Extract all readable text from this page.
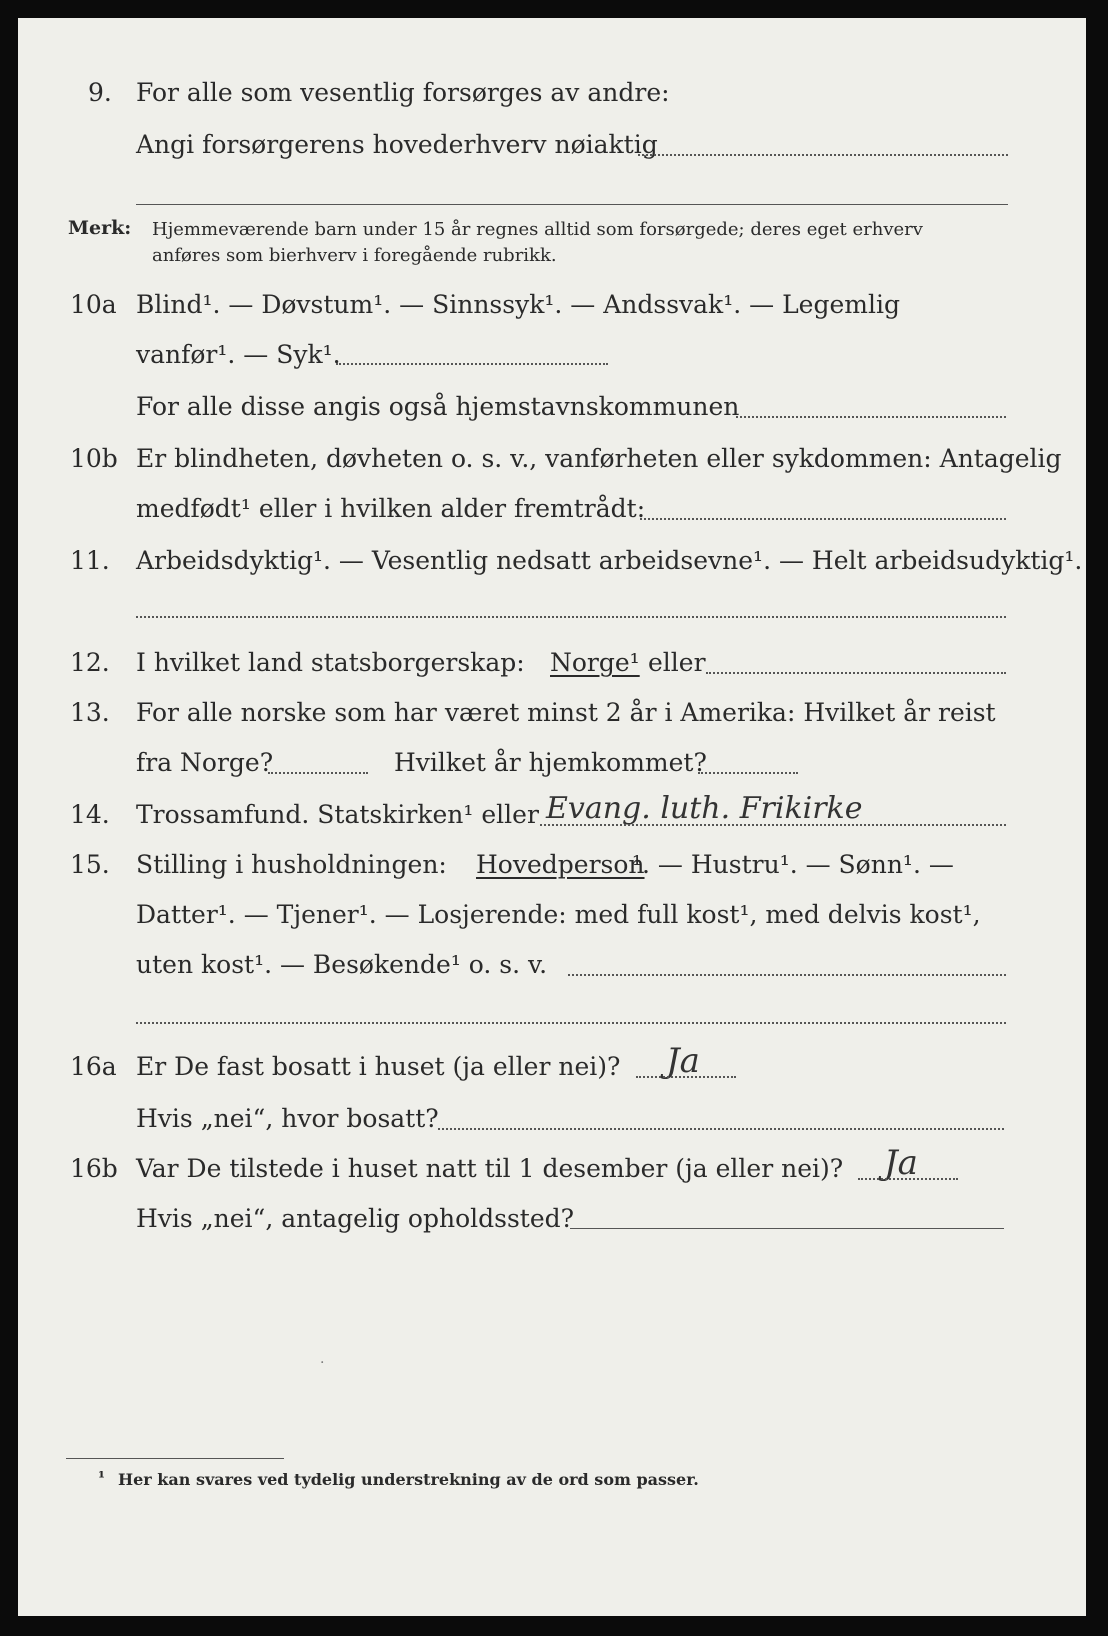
9. For alle som vesentlig forsørges av andre:
Angi forsørgerens hovederhverv nøiaktig
Merk: Hjemmeværende barn under 15 år regnes alltid som forsørgede; deres eget erhverv
anføres som bierhverv i foregående rubrikk.
10a Blind¹. — Døvstum¹. — Sinnssyk¹. — Andssvak¹. — Legemlig
vanfør¹. — Syk¹.
For alle disse angis også hjemstavnskommunen
10b Er blindheten, døvheten o. s. v., vanførheten eller sykdommen: Antagelig
medfødt¹ eller i hvilken alder fremtrådt:
11. Arbeidsdyktig¹. — Vesentlig nedsatt arbeidsevne¹. — Helt arbeidsudyktig¹.
12. I hvilket land statsborgerskap: Norge¹ eller
13. For alle norske som har været minst 2 år i Amerika: Hvilket år reist
fra Norge?	Hvilket år hjemkommet?
14. Trossamfund. Statskirken¹ eller Evang. luth. Frikirke
15. Stilling i husholdningen: Hovedperson
¹. — Hustru¹. — Sønn¹. —
Datter¹. — Tjener¹. — Losjerende: med full kost¹, med delvis kost¹,
uten kost¹. — Besøkende¹ o. s. v.
16a Er De fast bosatt i huset (ja eller nei)? Ja
Hvis „nei“, hvor bosatt?
16b Var De tilstede i huset natt til 1 desember (ja eller nei)? Ja
Hvis „nei“, antagelig opholdssted?
·
¹ Her kan svares ved tydelig understrekning av de ord som passer.
